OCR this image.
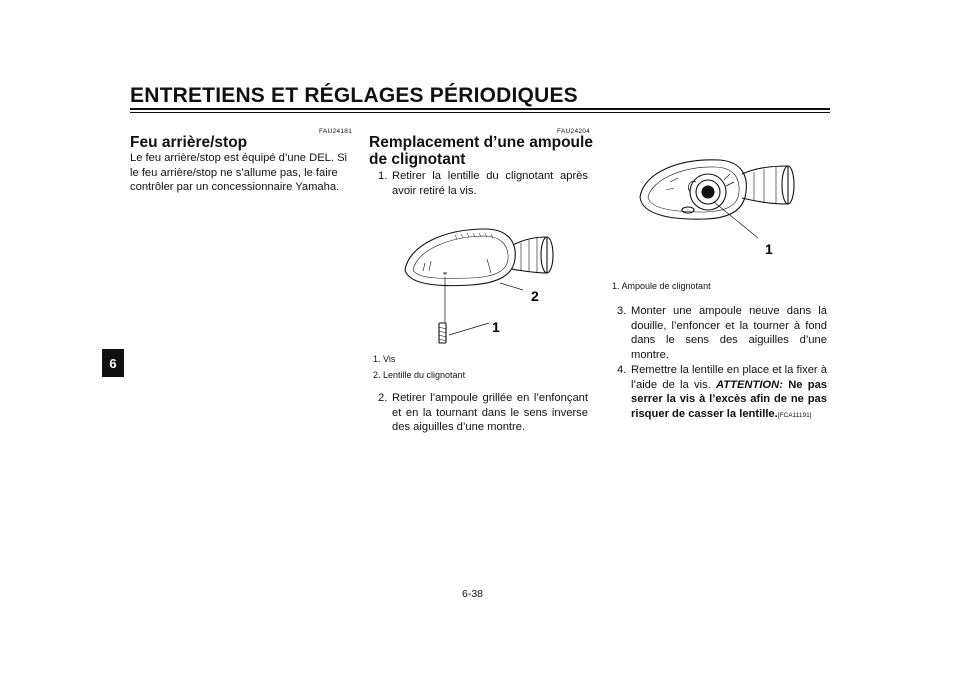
ENTRETIENS ET RÉGLAGES PÉRIODIQUES
6
FAU24181
Feu arrière/stop
Le feu arrière/stop est équipé d’une DEL. Si le feu arrière/stop ne s’allume pas, le faire contrôler par un concessionnaire Yamaha.
FAU24204
Remplacement d’une ampoule
de clignotant
1. Retirer la lentille du clignotant après avoir retiré la vis.
2
1
1. Vis
2. Lentille du clignotant
2. Retirer l’ampoule grillée en l’enfonçant et en la tournant dans le sens inverse des aiguilles d’une montre.
1
1. Ampoule de clignotant
3. Monter une ampoule neuve dans la douille, l’enfoncer et la tourner à fond dans le sens des aiguilles d’une montre.
4. Remettre la lentille en place et la fixer à l’aide de la vis. ATTENTION: Ne pas serrer la vis à l’excès afin de ne pas risquer de casser la lentille.[FCA11191]
6-38
